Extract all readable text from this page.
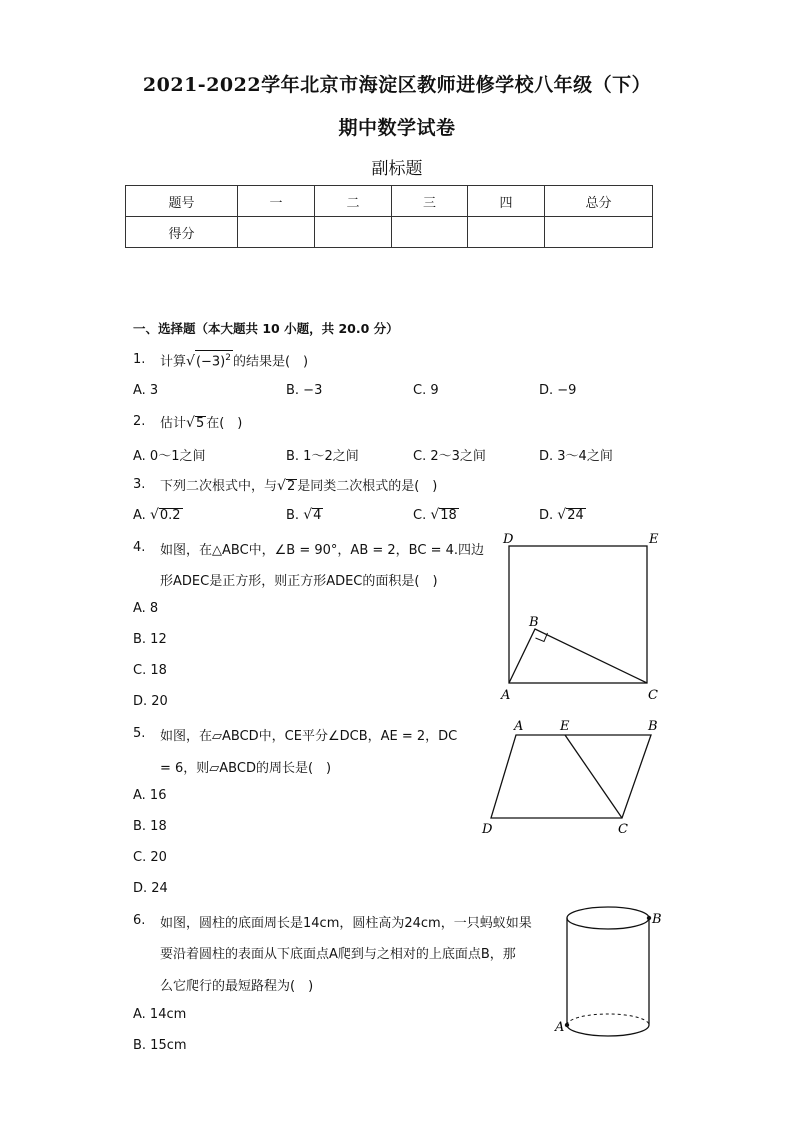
2021-2022学年北京市海淀区教师进修学校八年级（下）
期中数学试卷
副标题
题号	一	二	三	四	总分
得分					
一、选择题（本大题共 10 小题，共 20.0 分）
1. 计算$√(-3)^2$ 的结果是(　)
A. 3	B. −3	C. 9	D. −9
2. 估计√5 在(　)
A. 0～1之间	B. 1～2之间	C. 2～3之间	D. 3～4之间
3. 下列二次根式中，与√2 是同类二次根式的是(　)
A. √0.2	B. √4	C. √18	D. √24
4. 如图，在△ABC中，∠B = 90°，AB = 2，BC = 4.四边
形ADEC是正方形，则正方形ADEC的面积是(　)
A. 8
B. 12
C. 18
D. 20
D	E
B
A	C
5. 如图，在▱ABCD中，CE平分∠DCB，AE = 2，DC
= 6，则▱ABCD的周长是(　)
A. 16
B. 18
C. 20
D. 24
A	E	B
D	C
6. 如图，圆柱的底面周长是14cm，圆柱高为24cm，一只蚂蚁如果
要沿着圆柱的表面从下底面点A爬到与之相对的上底面点B，那
么它爬行的最短路程为(　)
A. 14cm
B. 15cm
B
A
